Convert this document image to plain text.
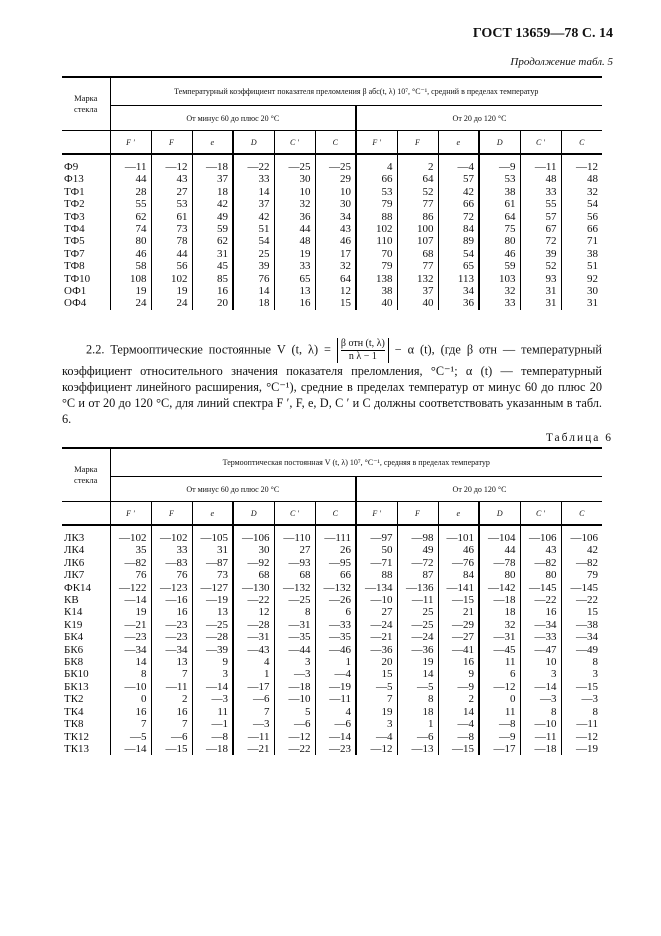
ГОСТ 13659—78 С. 14
Продолжение табл. 5
Марка стекла	Температурный коэффициент показателя преломления β абс(t, λ) 10⁷, °С⁻¹, средний в пределах температур											
	От минус 60 до плюс 20 °С						От 20 до 120 °С					
	F ′	F	e	D	C ′	C	F ′	F	e	D	C ′	C
Ф9	—11	—12	—18	—22	—25	—25	4	2	—4	—9	—11	—12
Ф13	44	43	37	33	30	29	66	64	57	53	48	48
ТФ1	28	27	18	14	10	10	53	52	42	38	33	32
ТФ2	55	53	42	37	32	30	79	77	66	61	55	54
ТФ3	62	61	49	42	36	34	88	86	72	64	57	56
ТФ4	74	73	59	51	44	43	102	100	84	75	67	66
ТФ5	80	78	62	54	48	46	110	107	89	80	72	71
ТФ7	46	44	31	25	19	17	70	68	54	46	39	38
ТФ8	58	56	45	39	33	32	79	77	65	59	52	51
ТФ10	108	102	85	76	65	64	138	132	113	103	93	92
ОФ1	19	19	16	14	13	12	38	37	34	32	31	30
ОФ4	24	24	20	18	16	15	40	40	36	33	31	31
2.2. Термооптические постоянные V (t, $\lambda) = \frac{\text{β отн (t, λ)}}{\text{n λ − 1}} - \alpha$ (t), (где β отн — температурный коэффициент относительного значения показателя преломления, °С⁻¹; α (t) — температурный коэффициент линейного расширения, °С⁻¹), средние в пределах температур от минус 60 до плюс 20 °С и от 20 до 120 °С, для линий спектра F ′, F, e, D, C ′ и C должны соответствовать указанным в табл. 6.
Таблица 6
Марка стекла	Термооптическая постоянная V (t, λ) 10⁷, °С⁻¹, средняя в пределах температур											
	От минус 60 до плюс 20 °С						От 20 до 120 °С					
	F ′	F	e	D	C ′	C	F ′	F	e	D	C ′	C
ЛК3	—102	—102	—105	—106	—110	—111	—97	—98	—101	—104	—106	—106
ЛК4	35	33	31	30	27	26	50	49	46	44	43	42
ЛК6	—82	—83	—87	—92	—93	—95	—71	—72	—76	—78	—82	—82
ЛК7	76	76	73	68	68	66	88	87	84	80	80	79
ФК14	—122	—123	—127	—130	—132	—132	—134	—136	—141	—142	—145	—145
КВ	—14	—16	—19	—22	—25	—26	—10	—11	—15	—18	—22	—22
К14	19	16	13	12	8	6	27	25	21	18	16	15
К19	—21	—23	—25	—28	—31	—33	—24	—25	—29	32	—34	—38
БК4	—23	—23	—28	—31	—35	—35	—21	—24	—27	—31	—33	—34
БК6	—34	—34	—39	—43	—44	—46	—36	—36	—41	—45	—47	—49
БК8	14	13	9	4	3	1	20	19	16	11	10	8
БК10	8	7	3	1	—3	—4	15	14	9	6	3	3
БК13	—10	—11	—14	—17	—18	—19	—5	—5	—9	—12	—14	—15
ТК2	0	2	—3	—6	—10	—11	7	8	2	0	—3	—3
ТК4	16	16	11	7	5	4	19	18	14	11	8	8
ТК8	7	7	—1	—3	—6	—6	3	1	—4	—8	—10	—11
ТК12	—5	—6	—8	—11	—12	—14	—4	—6	—8	—9	—11	—12
ТК13	—14	—15	—18	—21	—22	—23	—12	—13	—15	—17	—18	—19
